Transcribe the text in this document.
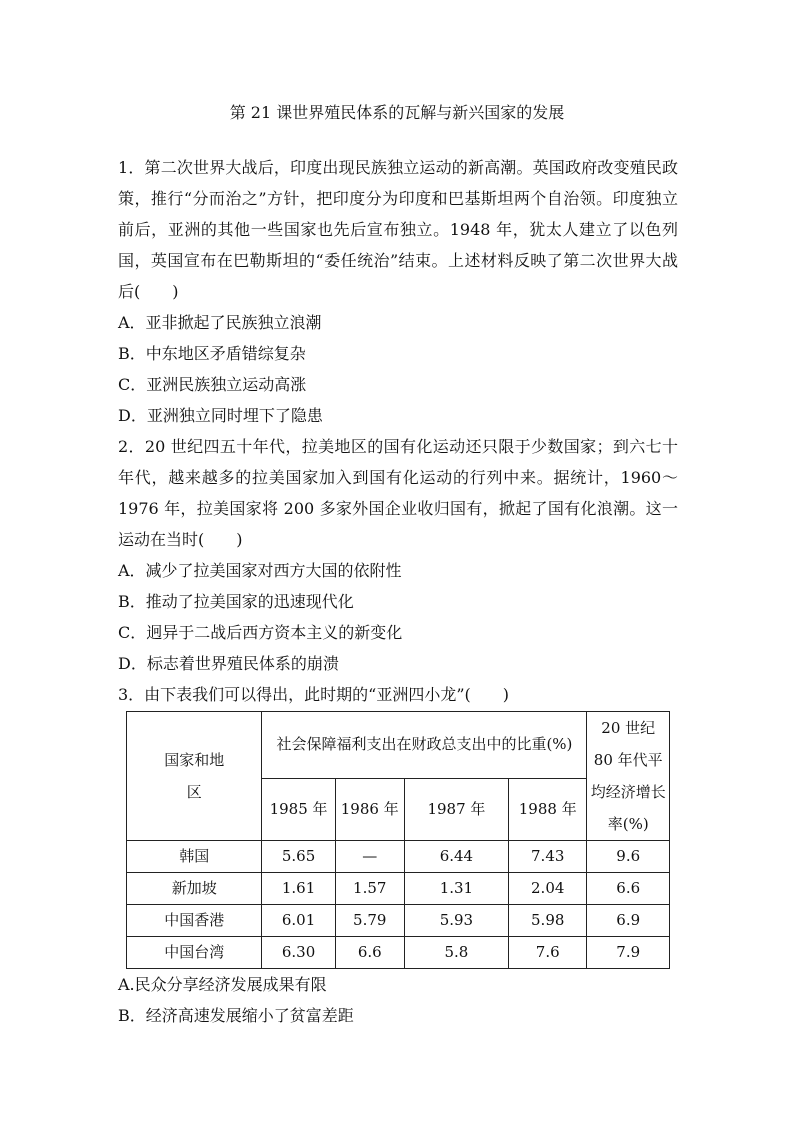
第 21 课世界殖民体系的瓦解与新兴国家的发展
1．第二次世界大战后，印度出现民族独立运动的新高潮。英国政府改变殖民政策，推行“分而治之”方针，把印度分为印度和巴基斯坦两个自治领。印度独立前后，亚洲的其他一些国家也先后宣布独立。1948 年，犹太人建立了以色列国，英国宣布在巴勒斯坦的“委任统治”结束。上述材料反映了第二次世界大战后(　　)
A．亚非掀起了民族独立浪潮
B．中东地区矛盾错综复杂
C．亚洲民族独立运动高涨
D．亚洲独立同时埋下了隐患
2．20 世纪四五十年代，拉美地区的国有化运动还只限于少数国家；到六七十年代，越来越多的拉美国家加入到国有化运动的行列中来。据统计，1960～1976 年，拉美国家将 200 多家外国企业收归国有，掀起了国有化浪潮。这一运动在当时(　　)
A．减少了拉美国家对西方大国的依附性
B．推动了拉美国家的迅速现代化
C．迥异于二战后西方资本主义的新变化
D．标志着世界殖民体系的崩溃
3．由下表我们可以得出，此时期的“亚洲四小龙”(　　)
国家和地区	社会保障福利支出在财政总支出中的比重(%)				20 世纪 80 年代平均经济增长率(%)

	1985 年	1986 年	1987 年	1988 年	
韩国	5.65	—	6.44	7.43	9.6
新加坡	1.61	1.57	1.31	2.04	6.6
中国香港	6.01	5.79	5.93	5.98	6.9
中国台湾	6.30	6.6	5.8	7.6	7.9
A.民众分享经济发展成果有限
B．经济高速发展缩小了贫富差距
